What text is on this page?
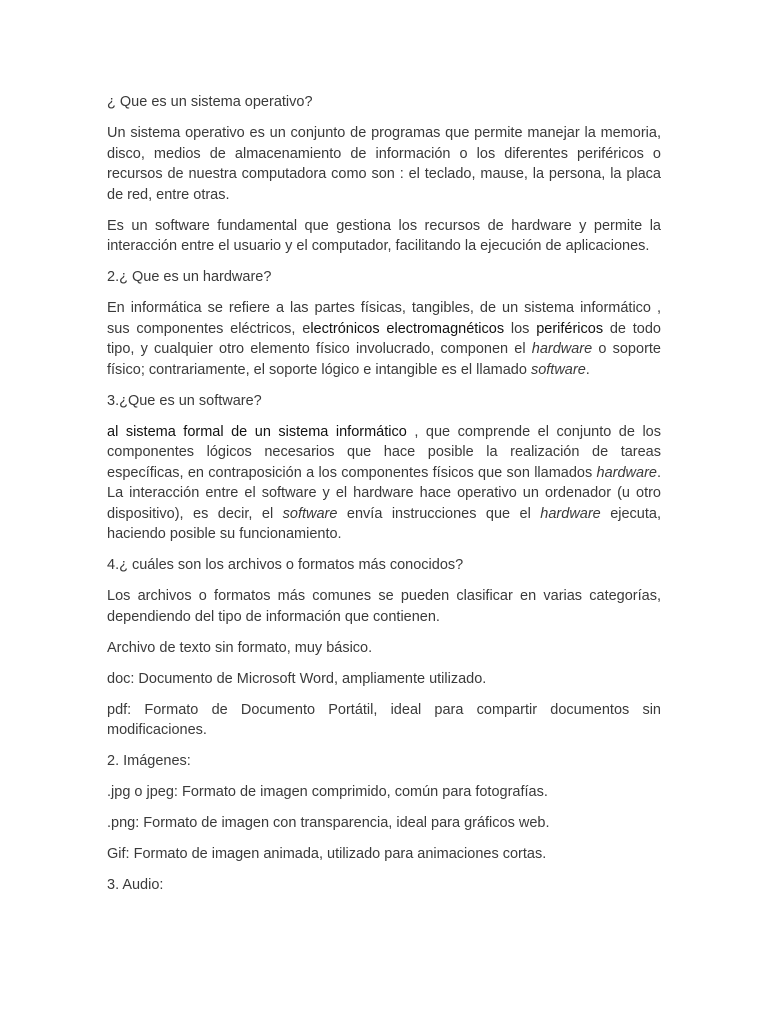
¿ Que es un sistema operativo?

Un sistema operativo es un conjunto de programas que permite manejar la memoria, disco, medios de almacenamiento de información o los diferentes periféricos o recursos de nuestra computadora como son : el teclado, mause, la persona, la placa de red, entre otras.

Es un software fundamental que gestiona los recursos de hardware y permite la interacción entre el usuario y el computador, facilitando la ejecución de aplicaciones.

2.¿ Que es un hardware?

En informática se refiere a las partes físicas, tangibles, de un sistema informático , sus componentes eléctricos, electrónicos electromagnéticos los periféricos de todo tipo, y cualquier otro elemento físico involucrado, componen el hardware o soporte físico; contrariamente, el soporte lógico e intangible es el llamado software.

3.¿Que es un software?

al sistema formal de un sistema informático , que comprende el conjunto de los componentes lógicos necesarios que hace posible la realización de tareas específicas, en contraposición a los componentes físicos que son llamados hardware. La interacción entre el software y el hardware hace operativo un ordenador (u otro dispositivo), es decir, el software envía instrucciones que el hardware ejecuta, haciendo posible su funcionamiento.

4.¿ cuáles son los archivos o formatos más conocidos?

Los archivos o formatos más comunes se pueden clasificar en varias categorías, dependiendo del tipo de información que contienen.

Archivo de texto sin formato, muy básico.

doc: Documento de Microsoft Word, ampliamente utilizado.

pdf: Formato de Documento Portátil, ideal para compartir documentos sin modificaciones.

2. Imágenes:

.jpg o jpeg: Formato de imagen comprimido, común para fotografías.

.png: Formato de imagen con transparencia, ideal para gráficos web.

Gif: Formato de imagen animada, utilizado para animaciones cortas.

3. Audio:
